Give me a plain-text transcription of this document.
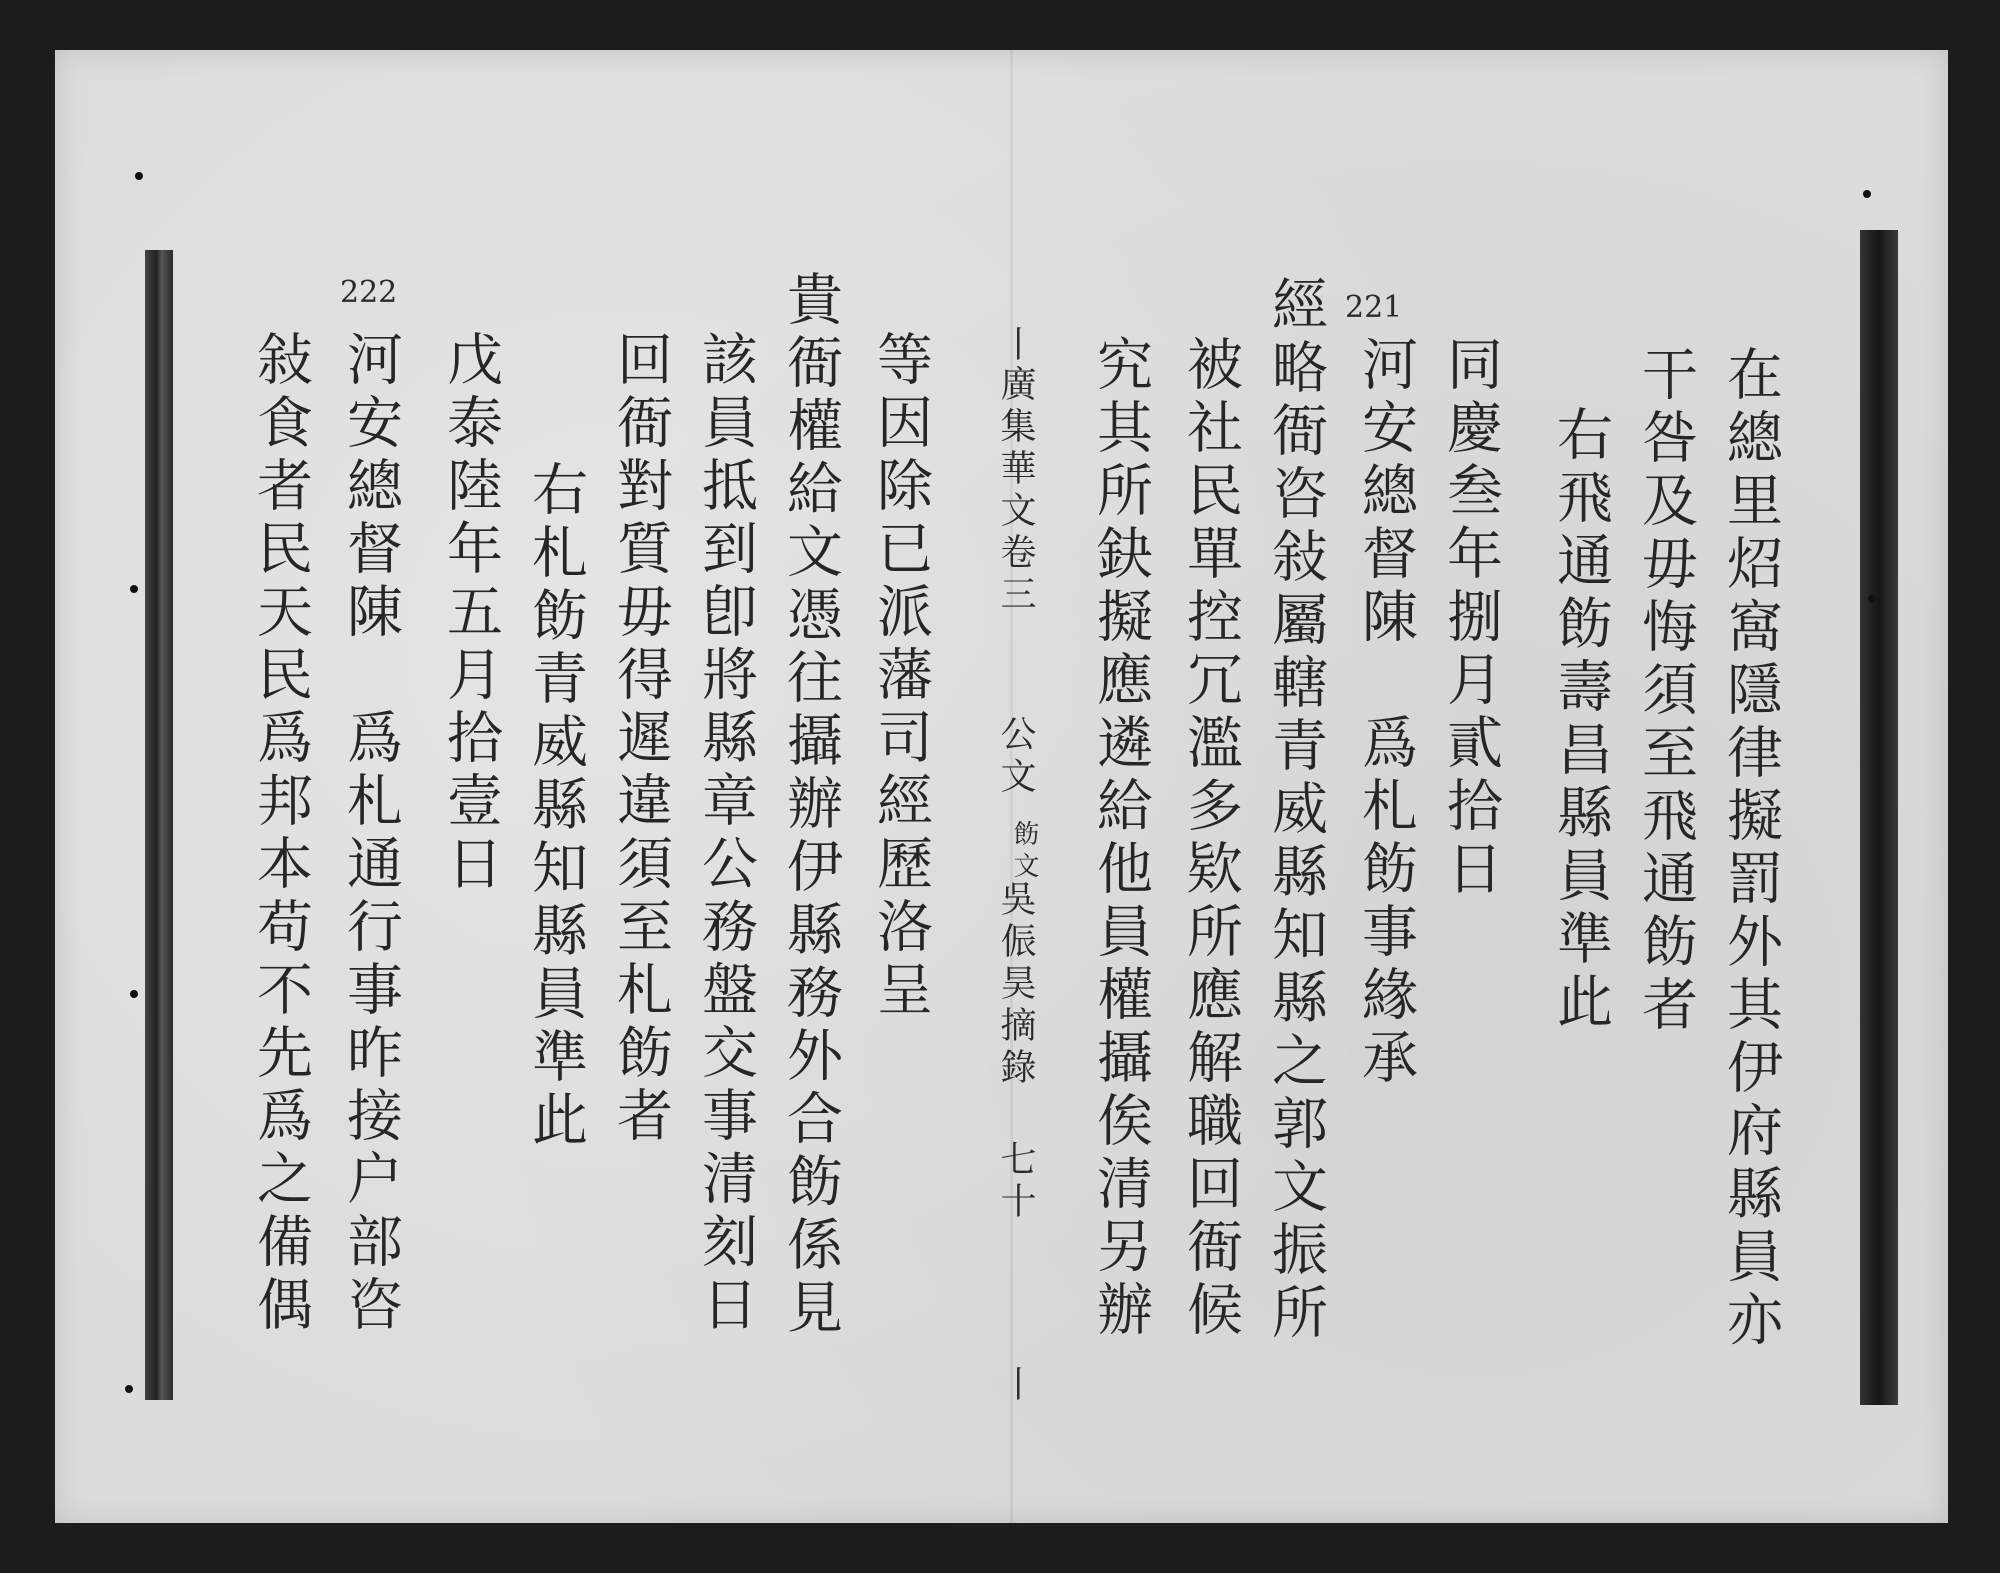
在總里炤窩隱律擬罰外其伊府縣員亦
干咎及毋悔須至飛通飭者
右飛通飭壽昌縣員準此
同慶叁年捌月貳拾日
河安總督陳　爲札飭事緣承
經略衙咨敍屬轄青威縣知縣之郭文振所
被社民單控冗濫多欵所應解職回衙候
究其所鈌擬應遴給他員權攝俟清另辦
221
丨
廣集華文卷三
公文
飭文
吳侲昊摘錄
七十
丨
等因除已派藩司經歷洛呈
貴衙權給文憑往攝辦伊縣務外合飭係見
該員抵到卽將縣章公務盤交事清刻日
回衙對質毋得遲違須至札飭者
右札飭青威縣知縣員準此
戊泰陸年五月拾壹日
河安總督陳　爲札通行事昨接户部咨
敍食者民天民爲邦本苟不先爲之備偶
222
